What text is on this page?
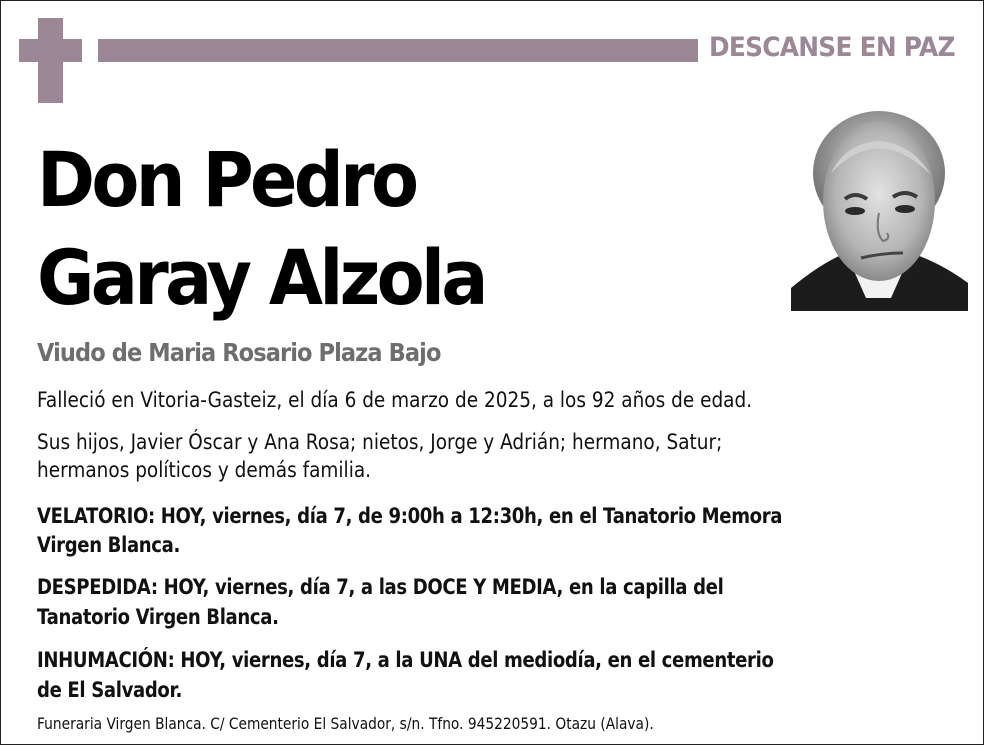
DESCANSE EN PAZ
Don Pedro
Garay Alzola
Viudo de Maria Rosario Plaza Bajo
Falleció en Vitoria-Gasteiz, el día 6 de marzo de 2025, a los 92 años de edad.
Sus hijos, Javier Óscar y Ana Rosa; nietos, Jorge y Adrián; hermano, Satur;
hermanos políticos y demás familia.
VELATORIO: HOY, viernes, día 7, de 9:00h a 12:30h, en el Tanatorio Memora
Virgen Blanca.
DESPEDIDA: HOY, viernes, día 7, a las DOCE Y MEDIA, en la capilla del
Tanatorio Virgen Blanca.
INHUMACIÓN: HOY, viernes, día 7, a la UNA del mediodía, en el cementerio
de El Salvador.
Funeraria Virgen Blanca. C/ Cementerio El Salvador, s/n. Tfno. 945220591. Otazu (Alava).
